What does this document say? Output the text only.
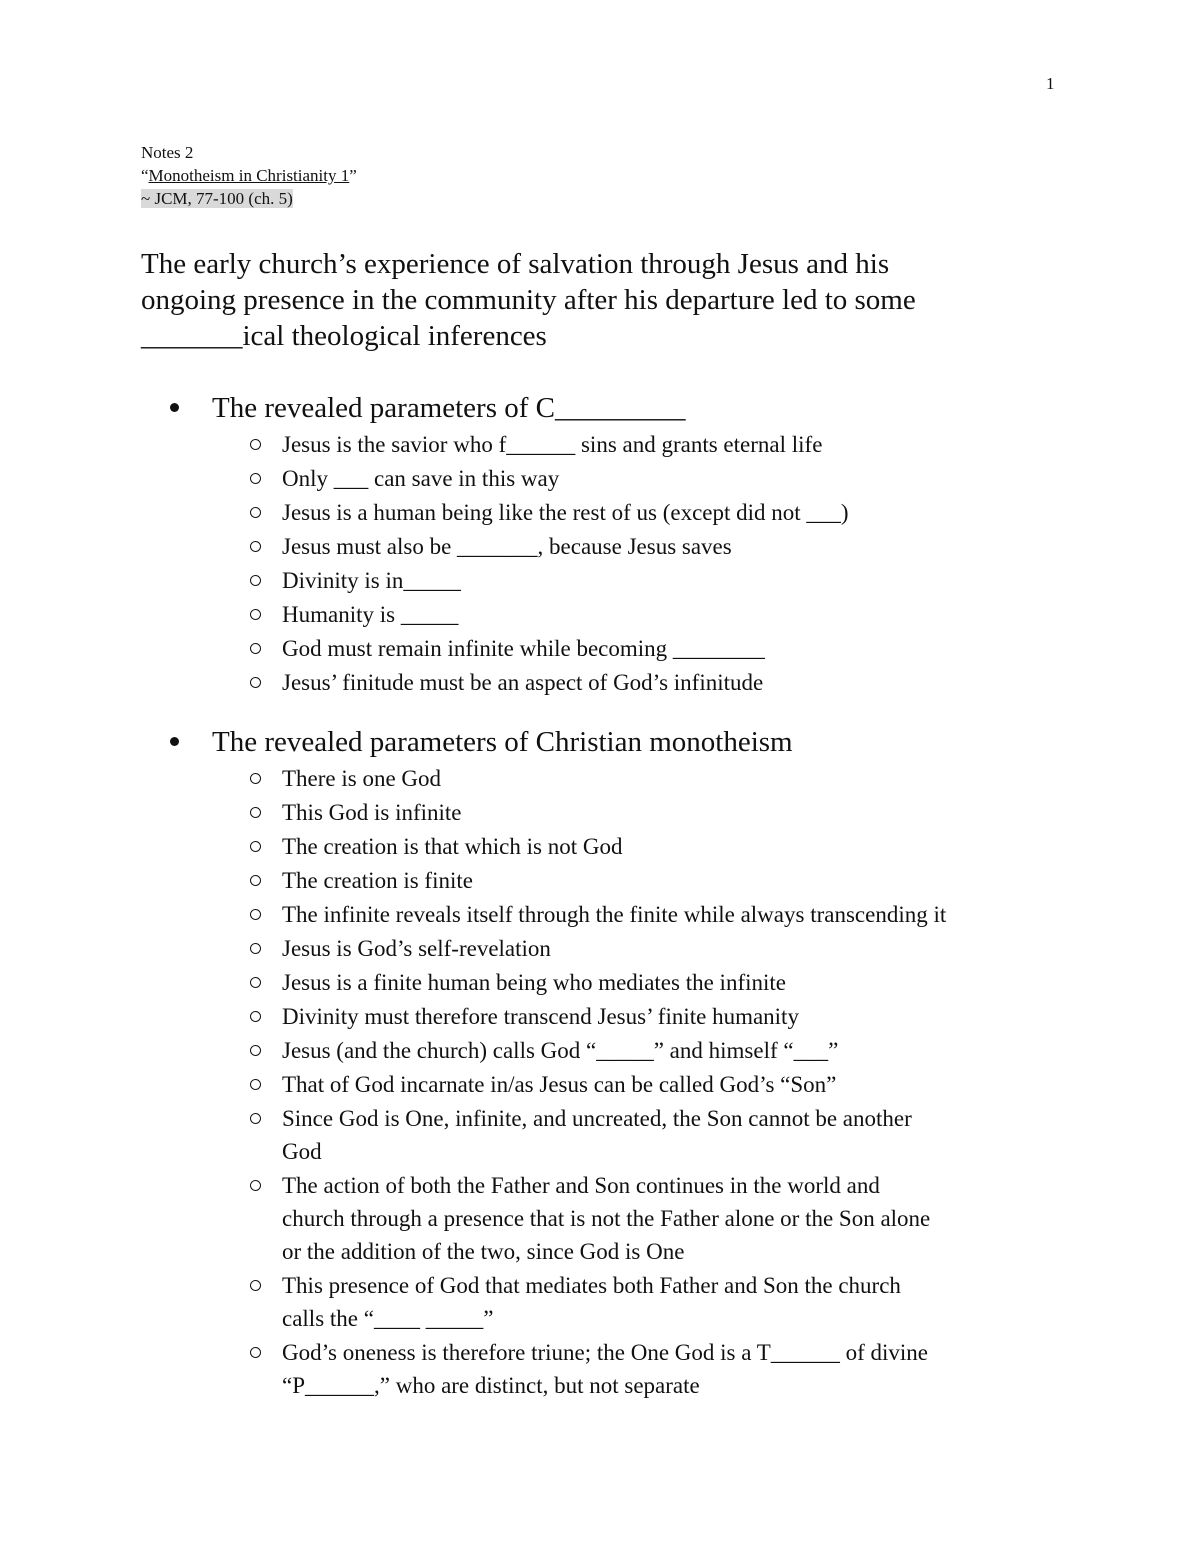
1
Notes 2
“Monotheism in Christianity 1”
~ JCM, 77-100 (ch. 5)
The early church’s experience of salvation through Jesus and his
ongoing presence in the community after his departure led to some
_______ical theological inferences
The revealed parameters of C_________
Jesus is the savior who f______ sins and grants eternal life
Only ___ can save in this way
Jesus is a human being like the rest of us (except did not ___)
Jesus must also be _______, because Jesus saves
Divinity is in_____
Humanity is _____
God must remain infinite while becoming ________
Jesus’ finitude must be an aspect of God’s infinitude
The revealed parameters of Christian monotheism
There is one God
This God is infinite
The creation is that which is not God
The creation is finite
The infinite reveals itself through the finite while always transcending it
Jesus is God’s self-revelation
Jesus is a finite human being who mediates the infinite
Divinity must therefore transcend Jesus’ finite humanity
Jesus (and the church) calls God “_____” and himself “___”
That of God incarnate in/as Jesus can be called God’s “Son”
Since God is One, infinite, and uncreated, the Son cannot be another
God
The action of both the Father and Son continues in the world and
church through a presence that is not the Father alone or the Son alone
or the addition of the two, since God is One
This presence of God that mediates both Father and Son the church
calls the “____ _____”
God’s oneness is therefore triune; the One God is a T______ of divine
“P______,” who are distinct, but not separate
